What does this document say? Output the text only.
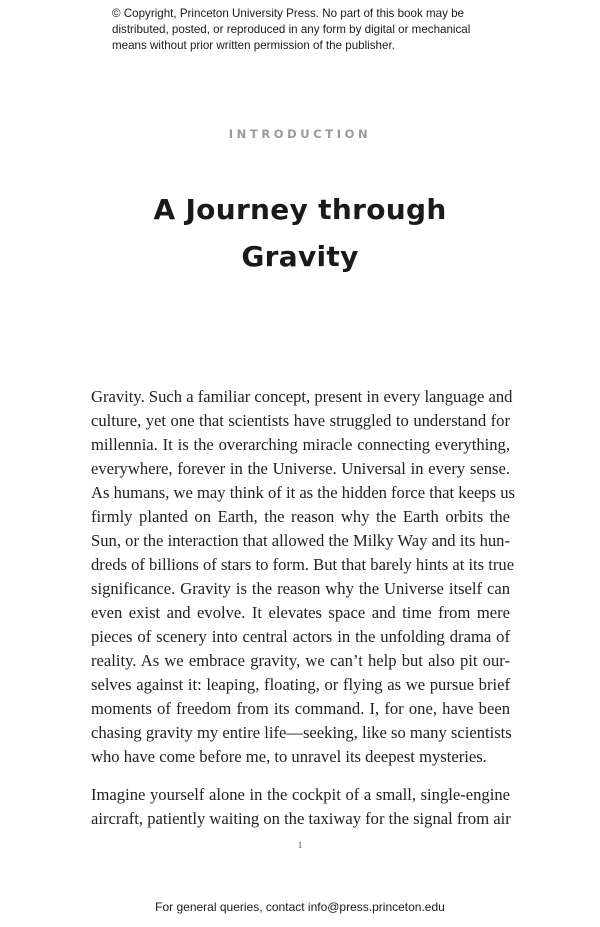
© Copyright, Princeton University Press. No part of this book may be
distributed, posted, or reproduced in any form by digital or mechanical
means without prior written permission of the publisher.
INTRODUCTION
A Journey through
Gravity
Gravity. Such a familiar concept, present in every language and
culture, yet one that scientists have struggled to understand for
millennia. It is the overarching miracle connecting everything,
everywhere, forever in the Universe. Universal in every sense.
As humans, we may think of it as the hidden force that keeps us
firmly planted on Earth, the reason why the Earth orbits the
Sun, or the interaction that allowed the Milky Way and its hun-
dreds of billions of stars to form. But that barely hints at its true
significance. Gravity is the reason why the Universe itself can
even exist and evolve. It elevates space and time from mere
pieces of scenery into central actors in the unfolding drama of
reality. As we embrace gravity, we can’t help but also pit our-
selves against it: leaping, floating, or flying as we pursue brief
moments of freedom from its command. I, for one, have been
chasing gravity my entire life—seeking, like so many scientists
who have come before me, to unravel its deepest mysteries.
Imagine yourself alone in the cockpit of a small, single-engine
aircraft, patiently waiting on the taxiway for the signal from air
1
For general queries, contact info@press.princeton.edu
